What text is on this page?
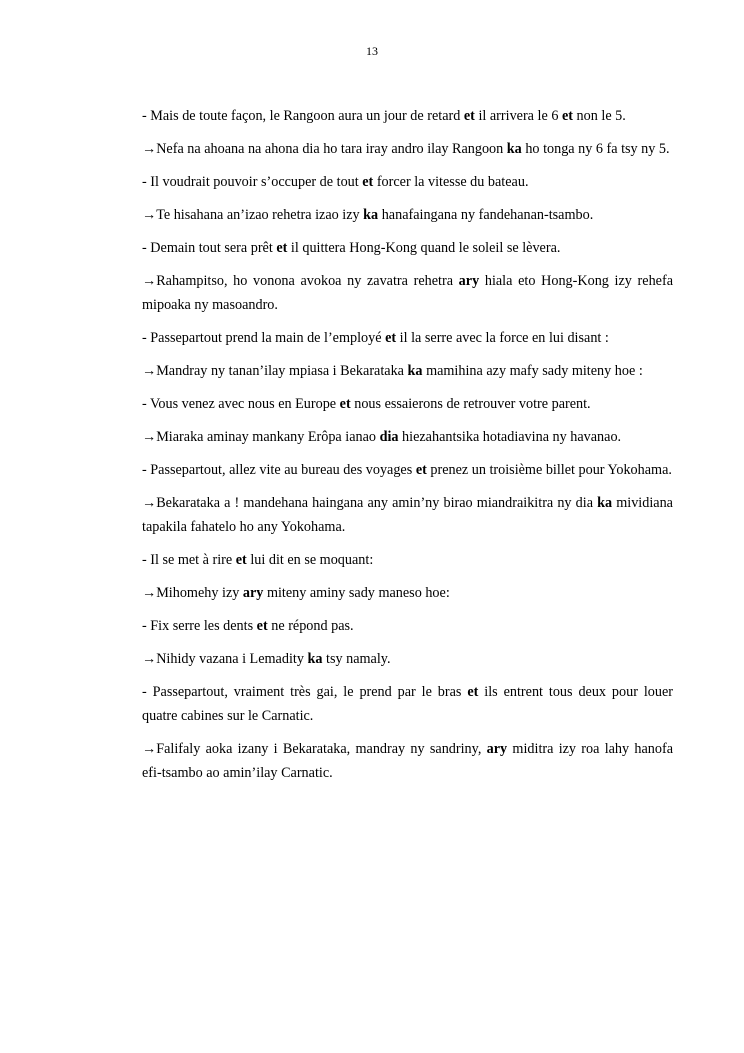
13

- Mais de toute façon, le Rangoon aura un jour de retard et il arrivera le 6 et non le 5.

→Nefa na ahoana na ahona dia ho tara iray andro ilay Rangoon ka ho tonga ny 6 fa tsy ny 5.

- Il voudrait pouvoir s’occuper de tout et forcer la vitesse du bateau.

→Te hisahana an’izao rehetra izao izy ka hanafaingana ny fandehanan-tsambo.

- Demain tout sera prêt et il quittera Hong-Kong quand le soleil se lèvera.

→Rahampitso, ho vonona avokoa ny zavatra rehetra ary hiala eto Hong-Kong izy rehefa mipoaka ny masoandro.

- Passepartout prend la main de l’employé et il la serre avec la force en lui disant :

→Mandray ny tanan’ilay mpiasa i Bekarataka ka mamihina azy mafy sady miteny hoe :

- Vous venez avec nous en Europe et nous essaierons de retrouver votre parent.

→Miaraka aminay mankany Erôpa ianao dia hiezahantsika hotadiavina ny havanao.

- Passepartout, allez vite au bureau des voyages et prenez un troisième billet pour Yokohama.

→Bekarataka a ! mandehana haingana any amin’ny birao miandraikitra ny dia ka mividiana tapakila fahatelo ho any Yokohama.

- Il se met à rire et lui dit en se moquant:

→Mihomehy izy ary miteny aminy sady maneso hoe:

- Fix serre les dents et ne répond pas.

→Nihidy vazana i Lemadity ka tsy namaly.

- Passepartout, vraiment très gai, le prend par le bras et ils entrent tous deux pour louer quatre cabines sur le Carnatic.

→Falifaly aoka izany i Bekarataka, mandray ny sandriny, ary miditra izy roa lahy hanofa efi-tsambo ao amin’ilay Carnatic.
